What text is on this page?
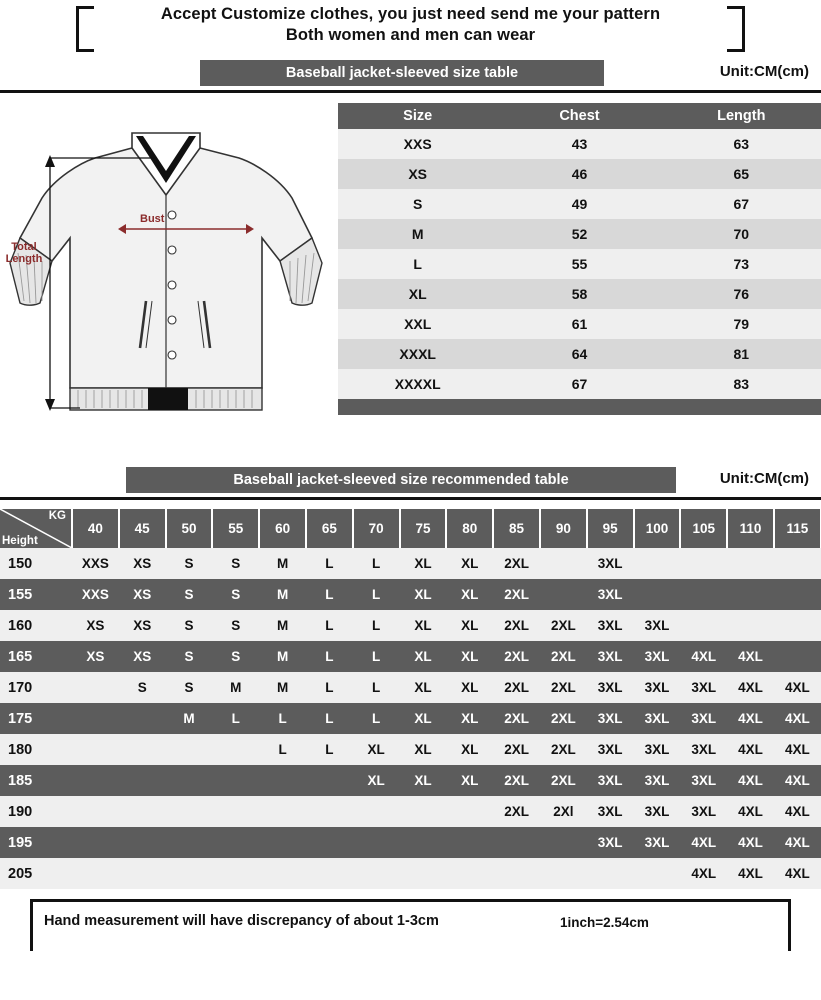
Accept Customize clothes, you just need send me your pattern
Both women and men can wear
Baseball jacket-sleeved size table	Unit:CM(cm)
Bust
Total
Length
Size	Chest	Length
XXS	43	63
XS	46	65
S	49	67
M	52	70
L	55	73
XL	58	76
XXL	61	79
XXXL	64	81
XXXXL	67	83

Baseball jacket-sleeved size recommended table	Unit:CM(cm)
KG
Height	40	45	50	55	60	65	70	75	80	85	90	95	100	105	110	115
150	XXS	XS	S	S	M	L	L	XL	XL	2XL		3XL				
155	XXS	XS	S	S	M	L	L	XL	XL	2XL		3XL				
160	XS	XS	S	S	M	L	L	XL	XL	2XL	2XL	3XL	3XL			
165	XS	XS	S	S	M	L	L	XL	XL	2XL	2XL	3XL	3XL	4XL	4XL	
170		S	S	M	M	L	L	XL	XL	2XL	2XL	3XL	3XL	3XL	4XL	4XL
175			M	L	L	L	L	XL	XL	2XL	2XL	3XL	3XL	3XL	4XL	4XL
180					L	L	XL	XL	XL	2XL	2XL	3XL	3XL	3XL	4XL	4XL
185							XL	XL	XL	2XL	2XL	3XL	3XL	3XL	4XL	4XL
190										2XL	2Xl	3XL	3XL	3XL	4XL	4XL
195												3XL	3XL	4XL	4XL	4XL
205														4XL	4XL	4XL
Hand measurement will have discrepancy of about 1-3cm	1inch=2.54cm
